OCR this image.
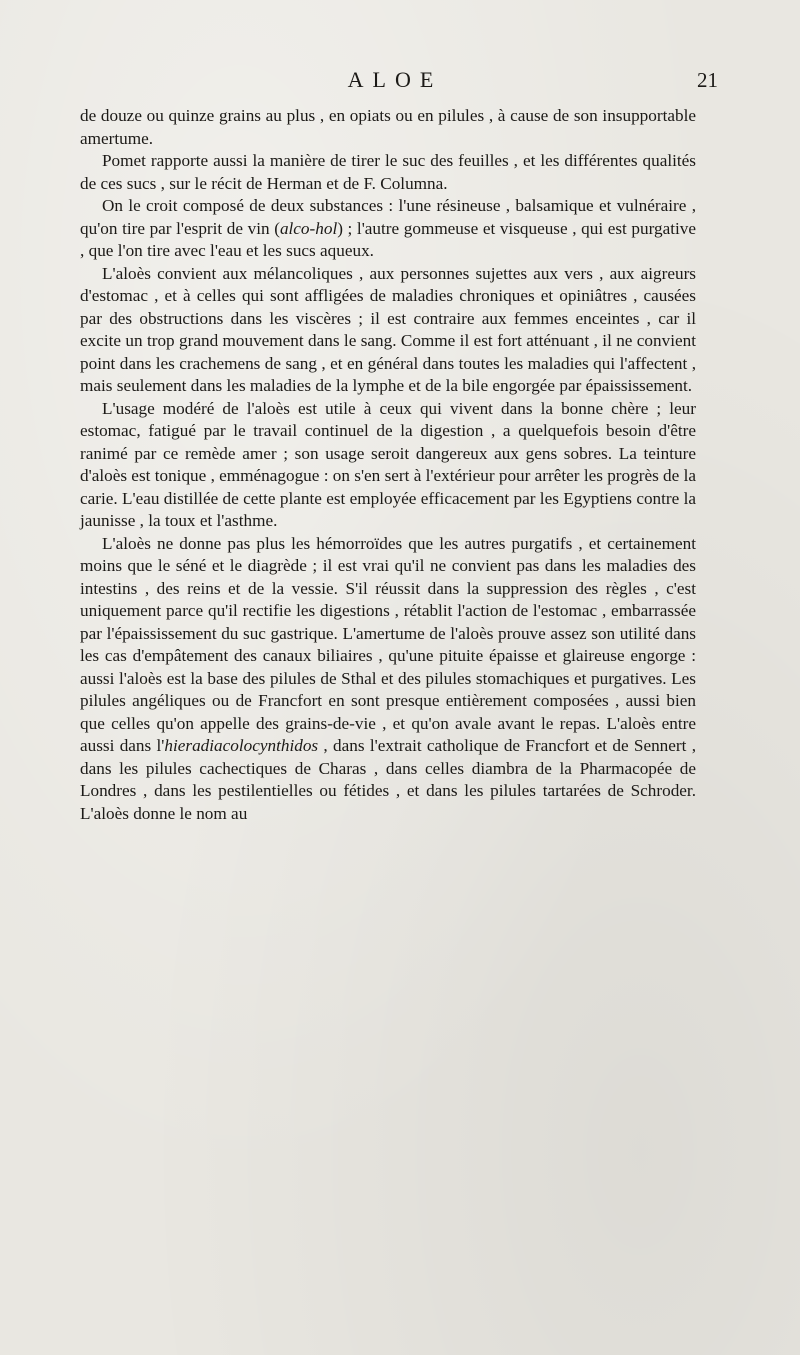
ALOE	21

de douze ou quinze grains au plus , en opiats ou en pilules , à cause de son insupportable amertume.

Pomet rapporte aussi la manière de tirer le suc des feuilles , et les différentes qualités de ces sucs , sur le récit de Herman et de F. Columna.

On le croit composé de deux substances : l'une résineuse , balsamique et vulnéraire , qu'on tire par l'esprit de vin (alco-hol) ; l'autre gommeuse et visqueuse , qui est purgative , que l'on tire avec l'eau et les sucs aqueux.

L'aloès convient aux mélancoliques , aux personnes sujettes aux vers , aux aigreurs d'estomac , et à celles qui sont affligées de maladies chroniques et opiniâtres , causées par des obstructions dans les viscères ; il est contraire aux femmes enceintes , car il excite un trop grand mouvement dans le sang. Comme il est fort atténuant , il ne convient point dans les crachemens de sang , et en général dans toutes les maladies qui l'affectent , mais seulement dans les maladies de la lymphe et de la bile engorgée par épaississement.

L'usage modéré de l'aloès est utile à ceux qui vivent dans la bonne chère ; leur estomac, fatigué par le travail continuel de la digestion , a quelquefois besoin d'être ranimé par ce remède amer ; son usage seroit dangereux aux gens sobres. La teinture d'aloès est tonique , emménagogue : on s'en sert à l'extérieur pour arrêter les progrès de la carie. L'eau distillée de cette plante est employée efficacement par les Egyptiens contre la jaunisse , la toux et l'asthme.

L'aloès ne donne pas plus les hémorroïdes que les autres purgatifs , et certainement moins que le séné et le diagrède ; il est vrai qu'il ne convient pas dans les maladies des intestins , des reins et de la vessie. S'il réussit dans la suppression des règles , c'est uniquement parce qu'il rectifie les digestions , rétablit l'action de l'estomac , embarrassée par l'épaississement du suc gastrique. L'amertume de l'aloès prouve assez son utilité dans les cas d'empâtement des canaux biliaires , qu'une pituite épaisse et glaireuse engorge : aussi l'aloès est la base des pilules de Sthal et des pilules stomachiques et purgatives. Les pilules angéliques ou de Francfort en sont presque entièrement composées , aussi bien que celles qu'on appelle des grains-de-vie , et qu'on avale avant le repas. L'aloès entre aussi dans l'hieradiacolocynthidos , dans l'extrait catholique de Francfort et de Sennert , dans les pilules cachectiques de Charas , dans celles diambra de la Pharmacopée de Londres , dans les pestilentielles ou fétides , et dans les pilules tartarées de Schroder. L'aloès donne le nom au
